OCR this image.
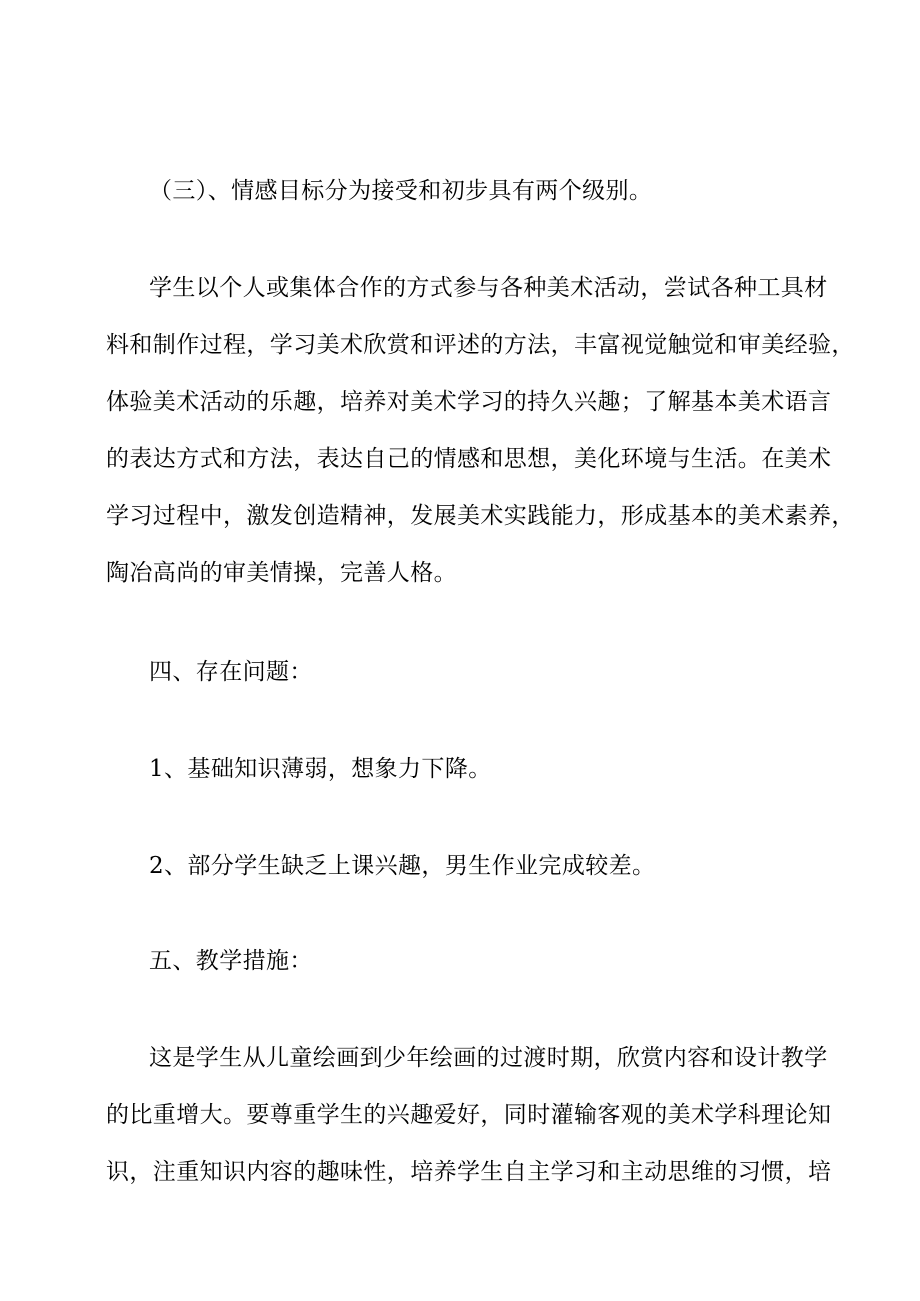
（三）、情感目标分为接受和初步具有两个级别。
学生以个人或集体合作的方式参与各种美术活动，尝试各种工具材
料和制作过程，学习美术欣赏和评述的方法，丰富视觉触觉和审美经验，
体验美术活动的乐趣，培养对美术学习的持久兴趣；了解基本美术语言
的表达方式和方法，表达自己的情感和思想，美化环境与生活。在美术
学习过程中，激发创造精神，发展美术实践能力，形成基本的美术素养，
陶冶高尚的审美情操，完善人格。
四、存在问题：
1、基础知识薄弱，想象力下降。
2、部分学生缺乏上课兴趣，男生作业完成较差。
五、教学措施：
这是学生从儿童绘画到少年绘画的过渡时期，欣赏内容和设计教学
的比重增大。要尊重学生的兴趣爱好，同时灌输客观的美术学科理论知
识，注重知识内容的趣味性，培养学生自主学习和主动思维的习惯，培
